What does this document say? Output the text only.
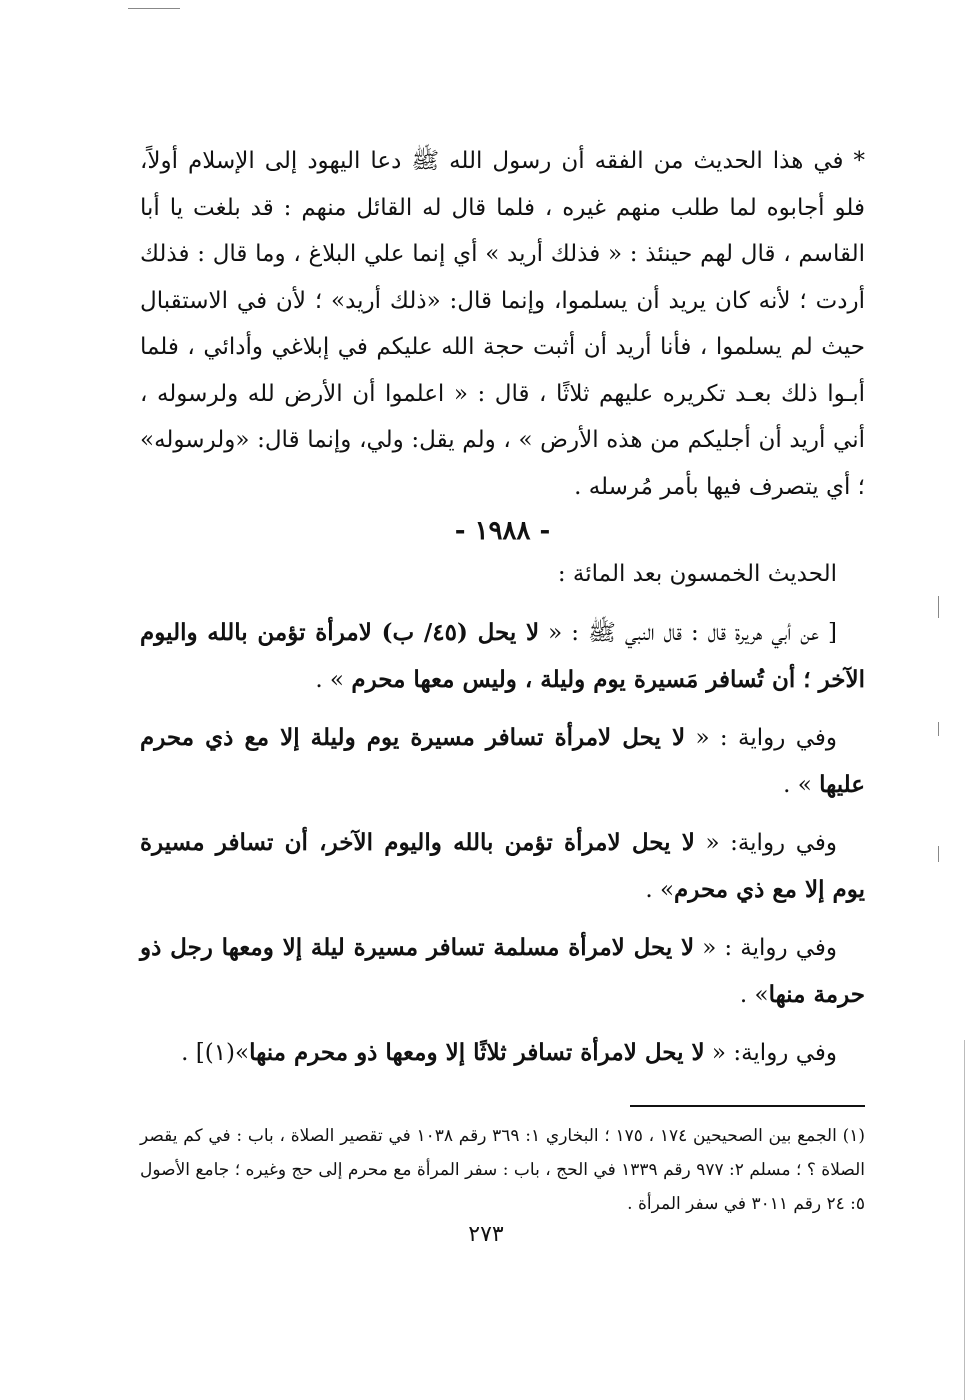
* في هذا الحديث من الفقه أن رسول الله ﷺ دعا اليهود إلى الإسلام أولاً، فلو أجابوه لما طلب منهم غيره ، فلما قال له القائل منهم : قد بلغت يا أبا القاسم ، قال لهم حينئذ : « فذلك أريد » أي إنما علي البلاغ ، وما قال : فذلك أردت ؛ لأنه كان يريد أن يسلموا، وإنما قال: «ذلك أريد» ؛ لأن في الاستقبال حيث لم يسلموا ، فأنا أريد أن أثبت حجة الله عليكم في إبلاغي وأدائي ، فلما أبـوا ذلك بعـد تكريره عليهم ثلاثًا ، قال : « اعلموا أن الأرض لله ولرسوله ، أني أريد أن أجليكم من هذه الأرض » ، ولم يقل: ولي، وإنما قال: «ولرسوله» ؛ أي يتصرف فيها بأمر مُرسله .

- ١٩٨٨ -

الحديث الخمسون بعد المائة :

[ عن أبي هريرة قال : قال النبي ﷺ : « لا يحل (٤٥/ ب) لامرأة تؤمن بالله واليوم الآخر ؛ أن تُسافر مَسيرة يوم وليلة ، وليس معها محرم » .

وفي رواية : « لا يحل لامرأة تسافر مسيرة يوم وليلة إلا مع ذي محرم عليها » .

وفي رواية: « لا يحل لامرأة تؤمن بالله واليوم الآخر، أن تسافر مسيرة يوم إلا مع ذي محرم» .

وفي رواية : « لا يحل لامرأة مسلمة تسافر مسيرة ليلة إلا ومعها رجل ذو حرمة منها» .

وفي رواية: « لا يحل لامرأة تسافر ثلاثًا إلا ومعها ذو محرم منها»(١)] .

(١) الجمع بين الصحيحين ١٧٤ ، ١٧٥ ؛ البخاري ١: ٣٦٩ رقم ١٠٣٨ في تقصير الصلاة ، باب : في كم يقصر الصلاة ؟ ؛ مسلم ٢: ٩٧٧ رقم ١٣٣٩ في الحج ، باب : سفر المرأة مع محرم إلى حج وغيره ؛ جامع الأصول ٥: ٢٤ رقم ٣٠١١ في سفر المرأة .

٢٧٣
